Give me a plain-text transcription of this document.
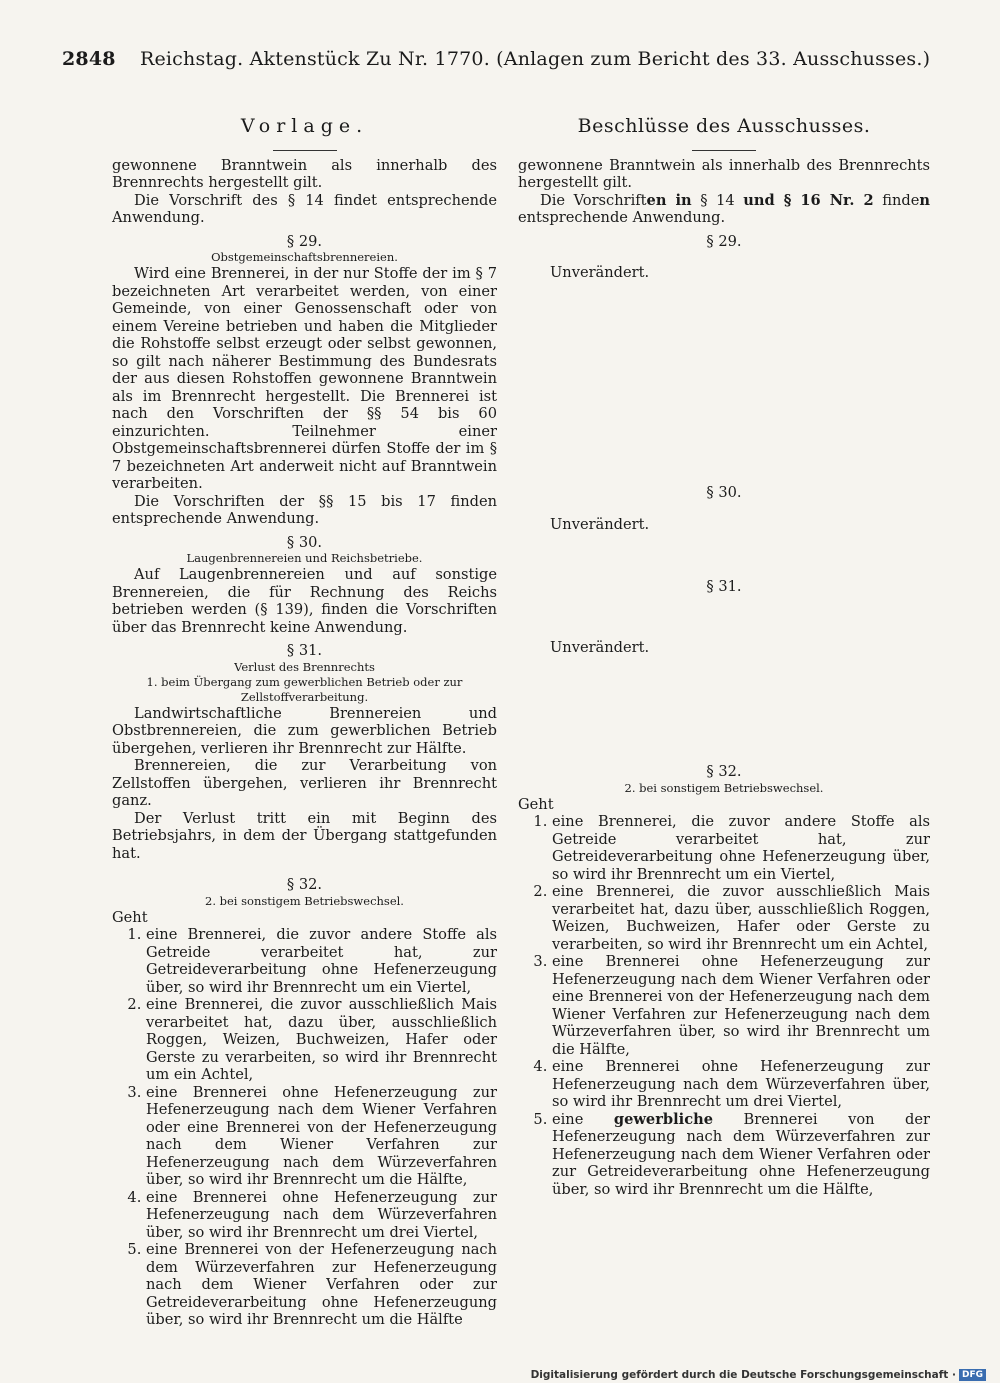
2848 Reichstag. Aktenstück Zu Nr. 1770. (Anlagen zum Bericht des 33. Ausschusses.)
Vorlage.

gewonnene Branntwein als innerhalb des Brennrechts hergestellt gilt.

Die Vorschrift des § 14 findet entsprechende Anwendung.

§ 29.
Obstgemeinschaftsbrennereien.

Wird eine Brennerei, in der nur Stoffe der im § 7 bezeichneten Art verarbeitet werden, von einer Gemeinde, von einer Genossenschaft oder von einem Vereine betrieben und haben die Mitglieder die Rohstoffe selbst erzeugt oder selbst gewonnen, so gilt nach näherer Bestimmung des Bundesrats der aus diesen Rohstoffen gewonnene Branntwein als im Brennrecht hergestellt. Die Brennerei ist nach den Vorschriften der §§ 54 bis 60 einzurichten. Teilnehmer einer Obstgemeinschaftsbrennerei dürfen Stoffe der im § 7 bezeichneten Art anderweit nicht auf Branntwein verarbeiten.

Die Vorschriften der §§ 15 bis 17 finden entsprechende Anwendung.

§ 30.
Laugenbrennereien und Reichsbetriebe.

Auf Laugenbrennereien und auf sonstige Brennereien, die für Rechnung des Reichs betrieben werden (§ 139), finden die Vorschriften über das Brennrecht keine Anwendung.

§ 31.
Verlust des Brennrechts
1. beim Übergang zum gewerblichen Betrieb oder zur Zellstoffverarbeitung.

Landwirtschaftliche Brennereien und Obstbrennereien, die zum gewerblichen Betrieb übergehen, verlieren ihr Brennrecht zur Hälfte.

Brennereien, die zur Verarbeitung von Zellstoffen übergehen, verlieren ihr Brennrecht ganz.

Der Verlust tritt ein mit Beginn des Betriebsjahrs, in dem der Übergang stattgefunden hat.

§ 32.
2. bei sonstigem Betriebswechsel.

Geht

1. eine Brennerei, die zuvor andere Stoffe als Getreide verarbeitet hat, zur Getreideverarbeitung ohne Hefenerzeugung über, so wird ihr Brennrecht um ein Viertel,
2. eine Brennerei, die zuvor ausschließlich Mais verarbeitet hat, dazu über, ausschließlich Roggen, Weizen, Buchweizen, Hafer oder Gerste zu verarbeiten, so wird ihr Brennrecht um ein Achtel,
3. eine Brennerei ohne Hefenerzeugung zur Hefenerzeugung nach dem Wiener Verfahren oder eine Brennerei von der Hefenerzeugung nach dem Wiener Verfahren zur Hefenerzeugung nach dem Würzeverfahren über, so wird ihr Brennrecht um die Hälfte,
4. eine Brennerei ohne Hefenerzeugung zur Hefenerzeugung nach dem Würzeverfahren über, so wird ihr Brennrecht um drei Viertel,
5. eine Brennerei von der Hefenerzeugung nach dem Würzeverfahren zur Hefenerzeugung nach dem Wiener Verfahren oder zur Getreideverarbeitung ohne Hefenerzeugung über, so wird ihr Brennrecht um die Hälfte
Beschlüsse des Ausschusses.

gewonnene Branntwein als innerhalb des Brennrechts hergestellt gilt.

Die Vorschriften in § 14 und § 16 Nr. 2 finden entsprechende Anwendung.

§ 29.

Unverändert.

§ 30.

Unverändert.

§ 31.

Unverändert.

§ 32.
2. bei sonstigem Betriebswechsel.

Geht

1. eine Brennerei, die zuvor andere Stoffe als Getreide verarbeitet hat, zur Getreideverarbeitung ohne Hefenerzeugung über, so wird ihr Brennrecht um ein Viertel,
2. eine Brennerei, die zuvor ausschließlich Mais verarbeitet hat, dazu über, ausschließlich Roggen, Weizen, Buchweizen, Hafer oder Gerste zu verarbeiten, so wird ihr Brennrecht um ein Achtel,
3. eine Brennerei ohne Hefenerzeugung zur Hefenerzeugung nach dem Wiener Verfahren oder eine Brennerei von der Hefenerzeugung nach dem Wiener Verfahren zur Hefenerzeugung nach dem Würzeverfahren über, so wird ihr Brennrecht um die Hälfte,
4. eine Brennerei ohne Hefenerzeugung zur Hefenerzeugung nach dem Würzeverfahren über, so wird ihr Brennrecht um drei Viertel,
5. eine gewerbliche Brennerei von der Hefenerzeugung nach dem Würzeverfahren zur Hefenerzeugung nach dem Wiener Verfahren oder zur Getreideverarbeitung ohne Hefenerzeugung über, so wird ihr Brennrecht um die Hälfte,
Digitalisierung gefördert durch die Deutsche Forschungsgemeinschaft · DFG
